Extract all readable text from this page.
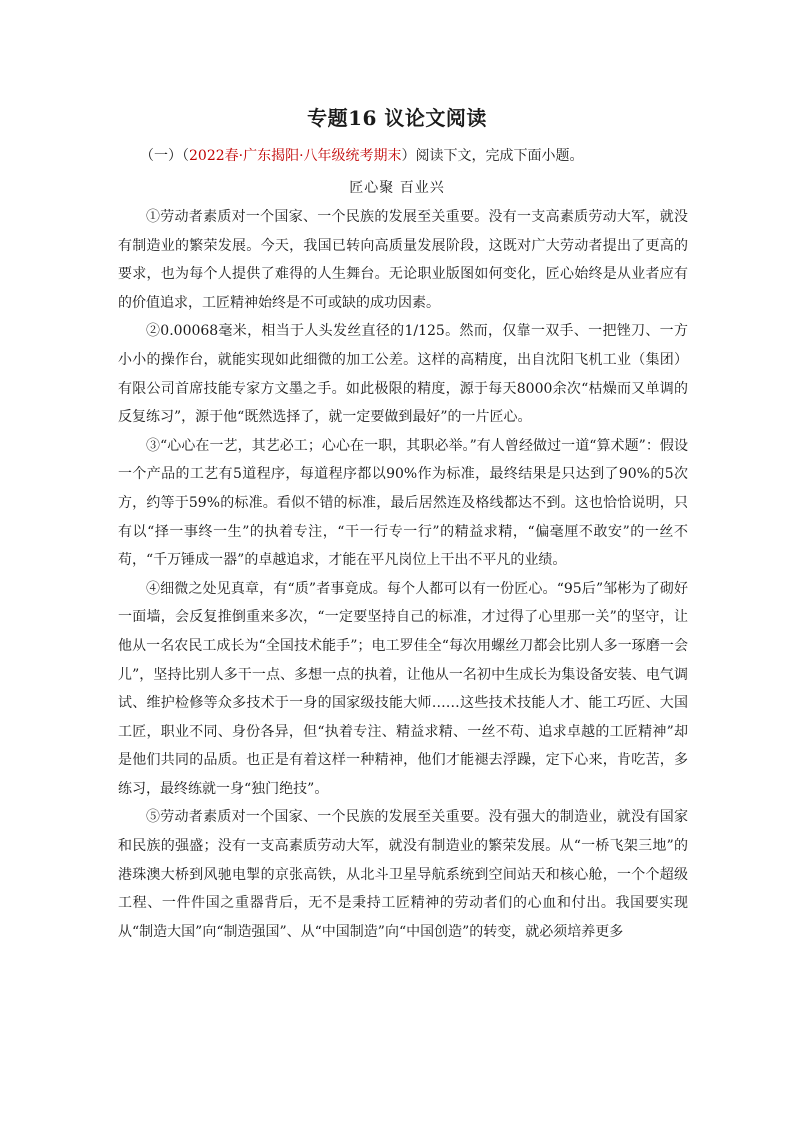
专题16 议论文阅读
（一）（2022春·广东揭阳·八年级统考期末）阅读下文，完成下面小题。
匠心聚 百业兴

①劳动者素质对一个国家、一个民族的发展至关重要。没有一支高素质劳动大军，就没有制造业的繁荣发展。今天，我国已转向高质量发展阶段，这既对广大劳动者提出了更高的要求，也为每个人提供了难得的人生舞台。无论职业版图如何变化，匠心始终是从业者应有的价值追求，工匠精神始终是不可或缺的成功因素。

②0.00068毫米，相当于人头发丝直径的1/125。然而，仅靠一双手、一把锉刀、一方小小的操作台，就能实现如此细微的加工公差。这样的高精度，出自沈阳飞机工业（集团）有限公司首席技能专家方文墨之手。如此极限的精度，源于每天8000余次“枯燥而又单调的反复练习”，源于他“既然选择了，就一定要做到最好”的一片匠心。

③“心心在一艺，其艺必工；心心在一职，其职必举。”有人曾经做过一道“算术题”：假设一个产品的工艺有5道程序，每道程序都以90%作为标准，最终结果是只达到了90%的5次方，约等于59%的标准。看似不错的标准，最后居然连及格线都达不到。这也恰恰说明，只有以“择一事终一生”的执着专注，“干一行专一行”的精益求精，“偏毫厘不敢安”的一丝不苟，“千万锤成一器”的卓越追求，才能在平凡岗位上干出不平凡的业绩。

④细微之处见真章，有“质”者事竟成。每个人都可以有一份匠心。“95后”邹彬为了砌好一面墙，会反复推倒重来多次，“一定要坚持自己的标准，才过得了心里那一关”的坚守，让他从一名农民工成长为“全国技术能手”；电工罗佳全“每次用螺丝刀都会比别人多一琢磨一会儿”，坚持比别人多干一点、多想一点的执着，让他从一名初中生成长为集设备安装、电气调试、维护检修等众多技术于一身的国家级技能大师……这些技术技能人才、能工巧匠、大国工匠，职业不同、身份各异，但“执着专注、精益求精、一丝不苟、追求卓越的工匠精神”却是他们共同的品质。也正是有着这样一种精神，他们才能褪去浮躁，定下心来，肯吃苦，多练习，最终练就一身“独门绝技”。

⑤劳动者素质对一个国家、一个民族的发展至关重要。没有强大的制造业，就没有国家和民族的强盛；没有一支高素质劳动大军，就没有制造业的繁荣发展。从“一桥飞架三地”的港珠澳大桥到风驰电掣的京张高铁，从北斗卫星导航系统到空间站天和核心舱，一个个超级工程、一件件国之重器背后，无不是秉持工匠精神的劳动者们的心血和付出。我国要实现从“制造大国”向“制造强国”、从“中国制造”向“中国创造”的转变，就必须培养更多
